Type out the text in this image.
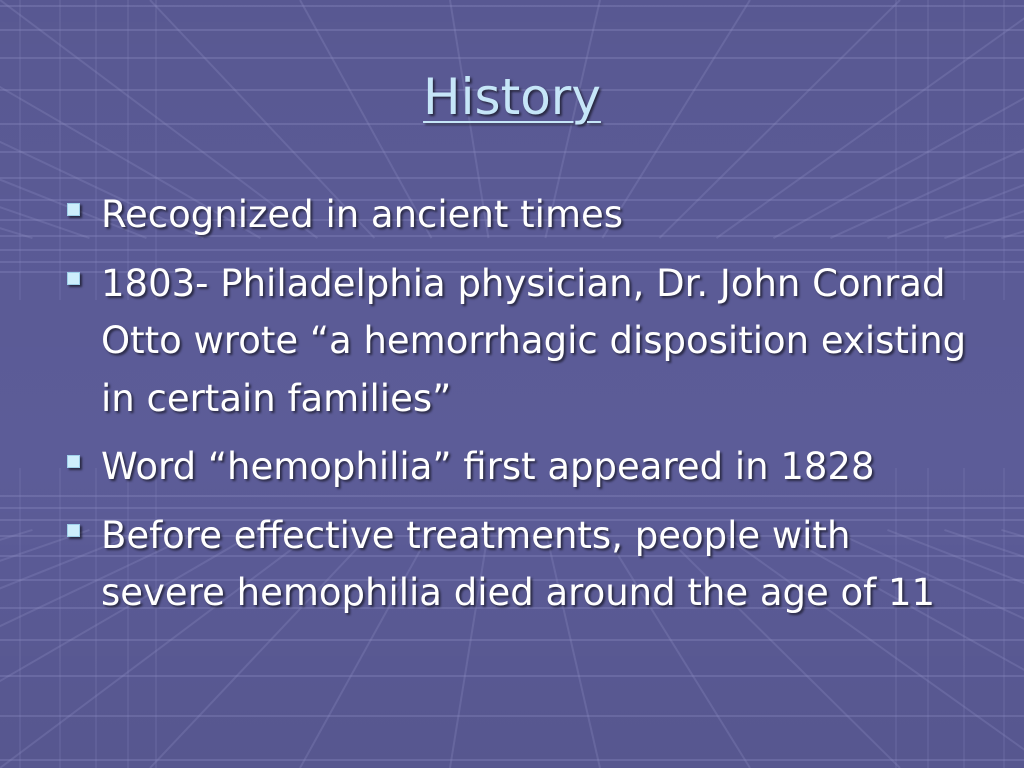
History
Recognized in ancient times
1803- Philadelphia physician, Dr. John Conrad Otto wrote “a hemorrhagic disposition existing in certain families”
Word “hemophilia” first appeared in 1828
Before effective treatments, people with severe hemophilia died around the age of 11
